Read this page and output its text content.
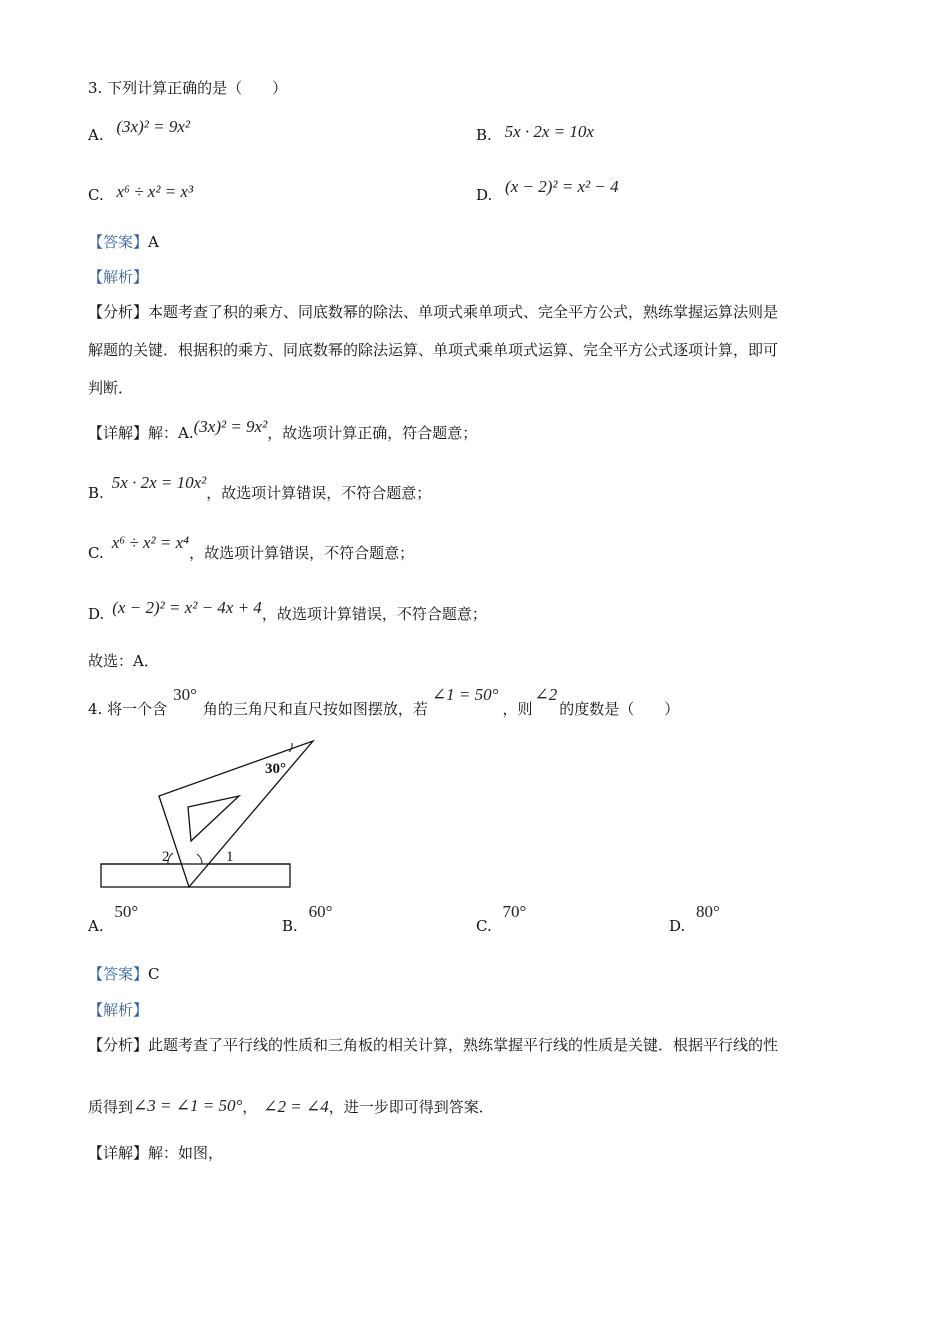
3. 下列计算正确的是（　　）
A. (3x)² = 9x²	B. 5x · 2x = 10x
C. x⁶ ÷ x² = x³	D. (x − 2)² = x² − 4
【答案】A
【解析】
【分析】本题考查了积的乘方、同底数幂的除法、单项式乘单项式、完全平方公式，熟练掌握运算法则是
解题的关键．根据积的乘方、同底数幂的除法运算、单项式乘单项式运算、完全平方公式逐项计算，即可
判断．
【详解】解：A.(3x)² = 9x²，故选项计算正确，符合题意；
B.5x · 2x = 10x²，故选项计算错误，不符合题意；
C.x⁶ ÷ x² = x⁴，故选项计算错误，不符合题意；
D. (x − 2)² = x² − 4x + 4，故选项计算错误，不符合题意；
故选：A．
4. 将一个含30°角的三角尺和直尺按如图摆放，若∠1 = 50°，则∠2的度数是（　　）
30°
2	1
A. 50°
B. 60°
C. 70°
D. 80°
【答案】C
【解析】
【分析】此题考查了平行线的性质和三角板的相关计算，熟练掌握平行线的性质是关键．根据平行线的性
质得到∠3 = ∠1 = 50°， ∠2 = ∠4，进一步即可得到答案．
【详解】解：如图，
